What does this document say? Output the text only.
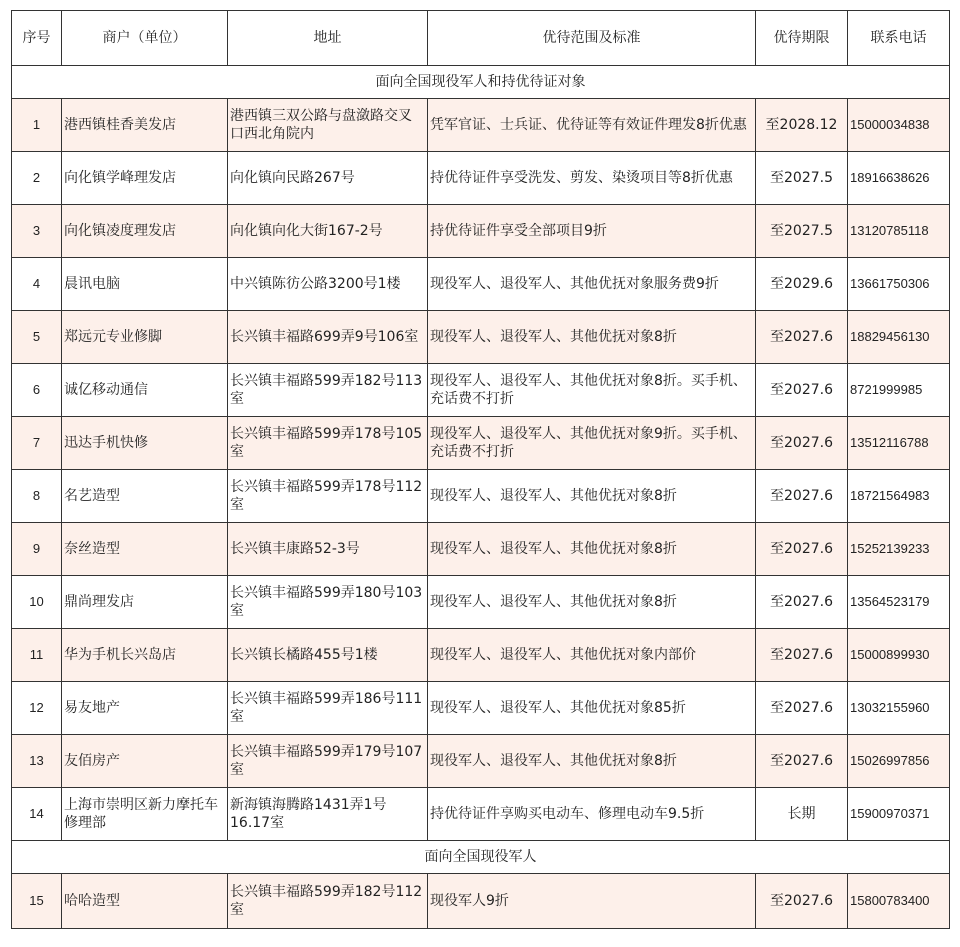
序号	商户（单位）	地址	优待范围及标准	优待期限	联系电话
面向全国现役军人和持优待证对象					
1	港西镇桂香美发店	港西镇三双公路与盘潋路交叉口西北角院内	凭军官证、士兵证、优待证等有效证件理发8折优惠	至2028.12	15000034838
2	向化镇学峰理发店	向化镇向民路267号	持优待证件享受洗发、剪发、染烫项目等8折优惠	至2027.5	18916638626
3	向化镇凌度理发店	向化镇向化大街167-2号	持优待证件享受全部项目9折	至2027.5	13120785118
4	晨讯电脑	中兴镇陈彷公路3200号1楼	现役军人、退役军人、其他优抚对象服务费9折	至2029.6	13661750306
5	郑远元专业修脚	长兴镇丰福路699弄9号106室	现役军人、退役军人、其他优抚对象8折	至2027.6	18829456130
6	诚亿移动通信	长兴镇丰福路599弄182号113室	现役军人、退役军人、其他优抚对象8折。买手机、充话费不打折	至2027.6	8721999985
7	迅达手机快修	长兴镇丰福路599弄178号105室	现役军人、退役军人、其他优抚对象9折。买手机、充话费不打折	至2027.6	13512116788
8	名艺造型	长兴镇丰福路599弄178号112室	现役军人、退役军人、其他优抚对象8折	至2027.6	18721564983
9	奈丝造型	长兴镇丰康路52-3号	现役军人、退役军人、其他优抚对象8折	至2027.6	15252139233
10	鼎尚理发店	长兴镇丰福路599弄180号103室	现役军人、退役军人、其他优抚对象8折	至2027.6	13564523179
11	华为手机长兴岛店	长兴镇长橘路455号1楼	现役军人、退役军人、其他优抚对象内部价	至2027.6	15000899930
12	易友地产	长兴镇丰福路599弄186号111室	现役军人、退役军人、其他优抚对象85折	至2027.6	13032155960
13	友佰房产	长兴镇丰福路599弄179号107室	现役军人、退役军人、其他优抚对象8折	至2027.6	15026997856
14	上海市崇明区新力摩托车修理部	新海镇海腾路1431弄1号16.17室	持优待证件享购买电动车、修理电动车9.5折	长期	15900970371
面向全国现役军人					
15	哈哈造型	长兴镇丰福路599弄182号112室	现役军人9折	至2027.6	15800783400
